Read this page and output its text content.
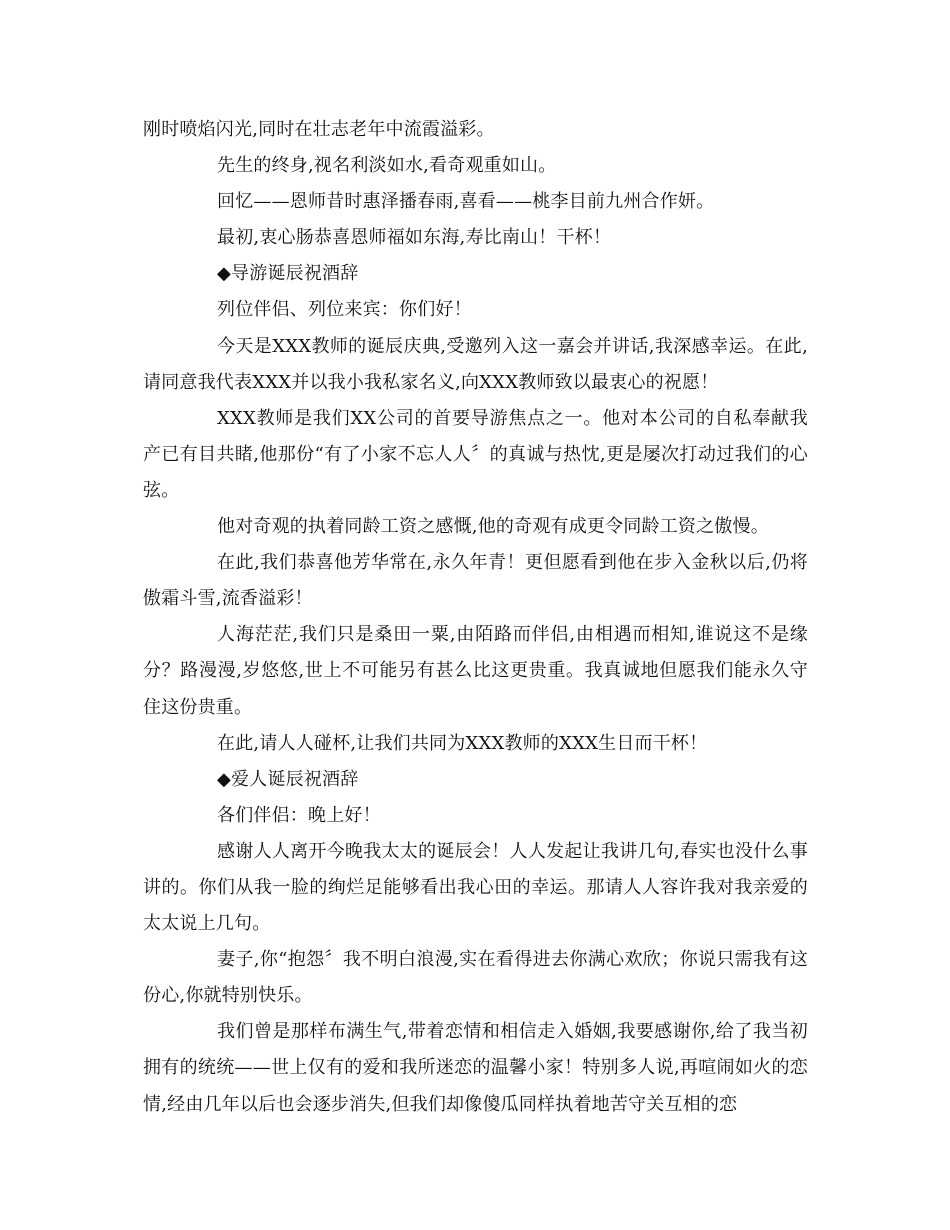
刚时喷焰闪光,同时在壮志老年中流霞溢彩。

先生的终身,视名利淡如水,看奇观重如山。

回忆——恩师昔时惠泽播春雨,喜看——桃李目前九州合作妍。

最初,衷心肠恭喜恩师福如东海,寿比南山！干杯！

◆导游诞辰祝酒辞

列位伴侣、列位来宾：你们好！

今天是XXX教师的诞辰庆典,受邀列入这一嘉会并讲话,我深感幸运。在此,请同意我代表XXX并以我小我私家名义,向XXX教师致以最衷心的祝愿！

XXX教师是我们XX公司的首要导游焦点之一。他对本公司的自私奉献我产已有目共睹,他那份“有了小家不忘人人〞的真诚与热忱,更是屡次打动过我们的心弦。

他对奇观的执着同龄工资之感慨,他的奇观有成更令同龄工资之傲慢。

在此,我们恭喜他芳华常在,永久年青！更但愿看到他在步入金秋以后,仍将傲霜斗雪,流香溢彩！

人海茫茫,我们只是桑田一粟,由陌路而伴侣,由相遇而相知,谁说这不是缘分？路漫漫,岁悠悠,世上不可能另有甚么比这更贵重。我真诚地但愿我们能永久守住这份贵重。

在此,请人人碰杯,让我们共同为XXX教师的XXX生日而干杯！

◆爱人诞辰祝酒辞

各们伴侣：晚上好！

感谢人人离开今晚我太太的诞辰会！人人发起让我讲几句,春实也没什么事讲的。你们从我一脸的绚烂足能够看出我心田的幸运。那请人人容许我对我亲爱的太太说上几句。

妻子,你“抱怨〞我不明白浪漫,实在看得进去你满心欢欣；你说只需我有这份心,你就特别快乐。

我们曾是那样布满生气,带着恋情和相信走入婚姻,我要感谢你,给了我当初拥有的统统——世上仅有的爱和我所迷恋的温馨小家！特别多人说,再喧闹如火的恋情,经由几年以后也会逐步消失,但我们却像傻瓜同样执着地苦守关互相的恋
